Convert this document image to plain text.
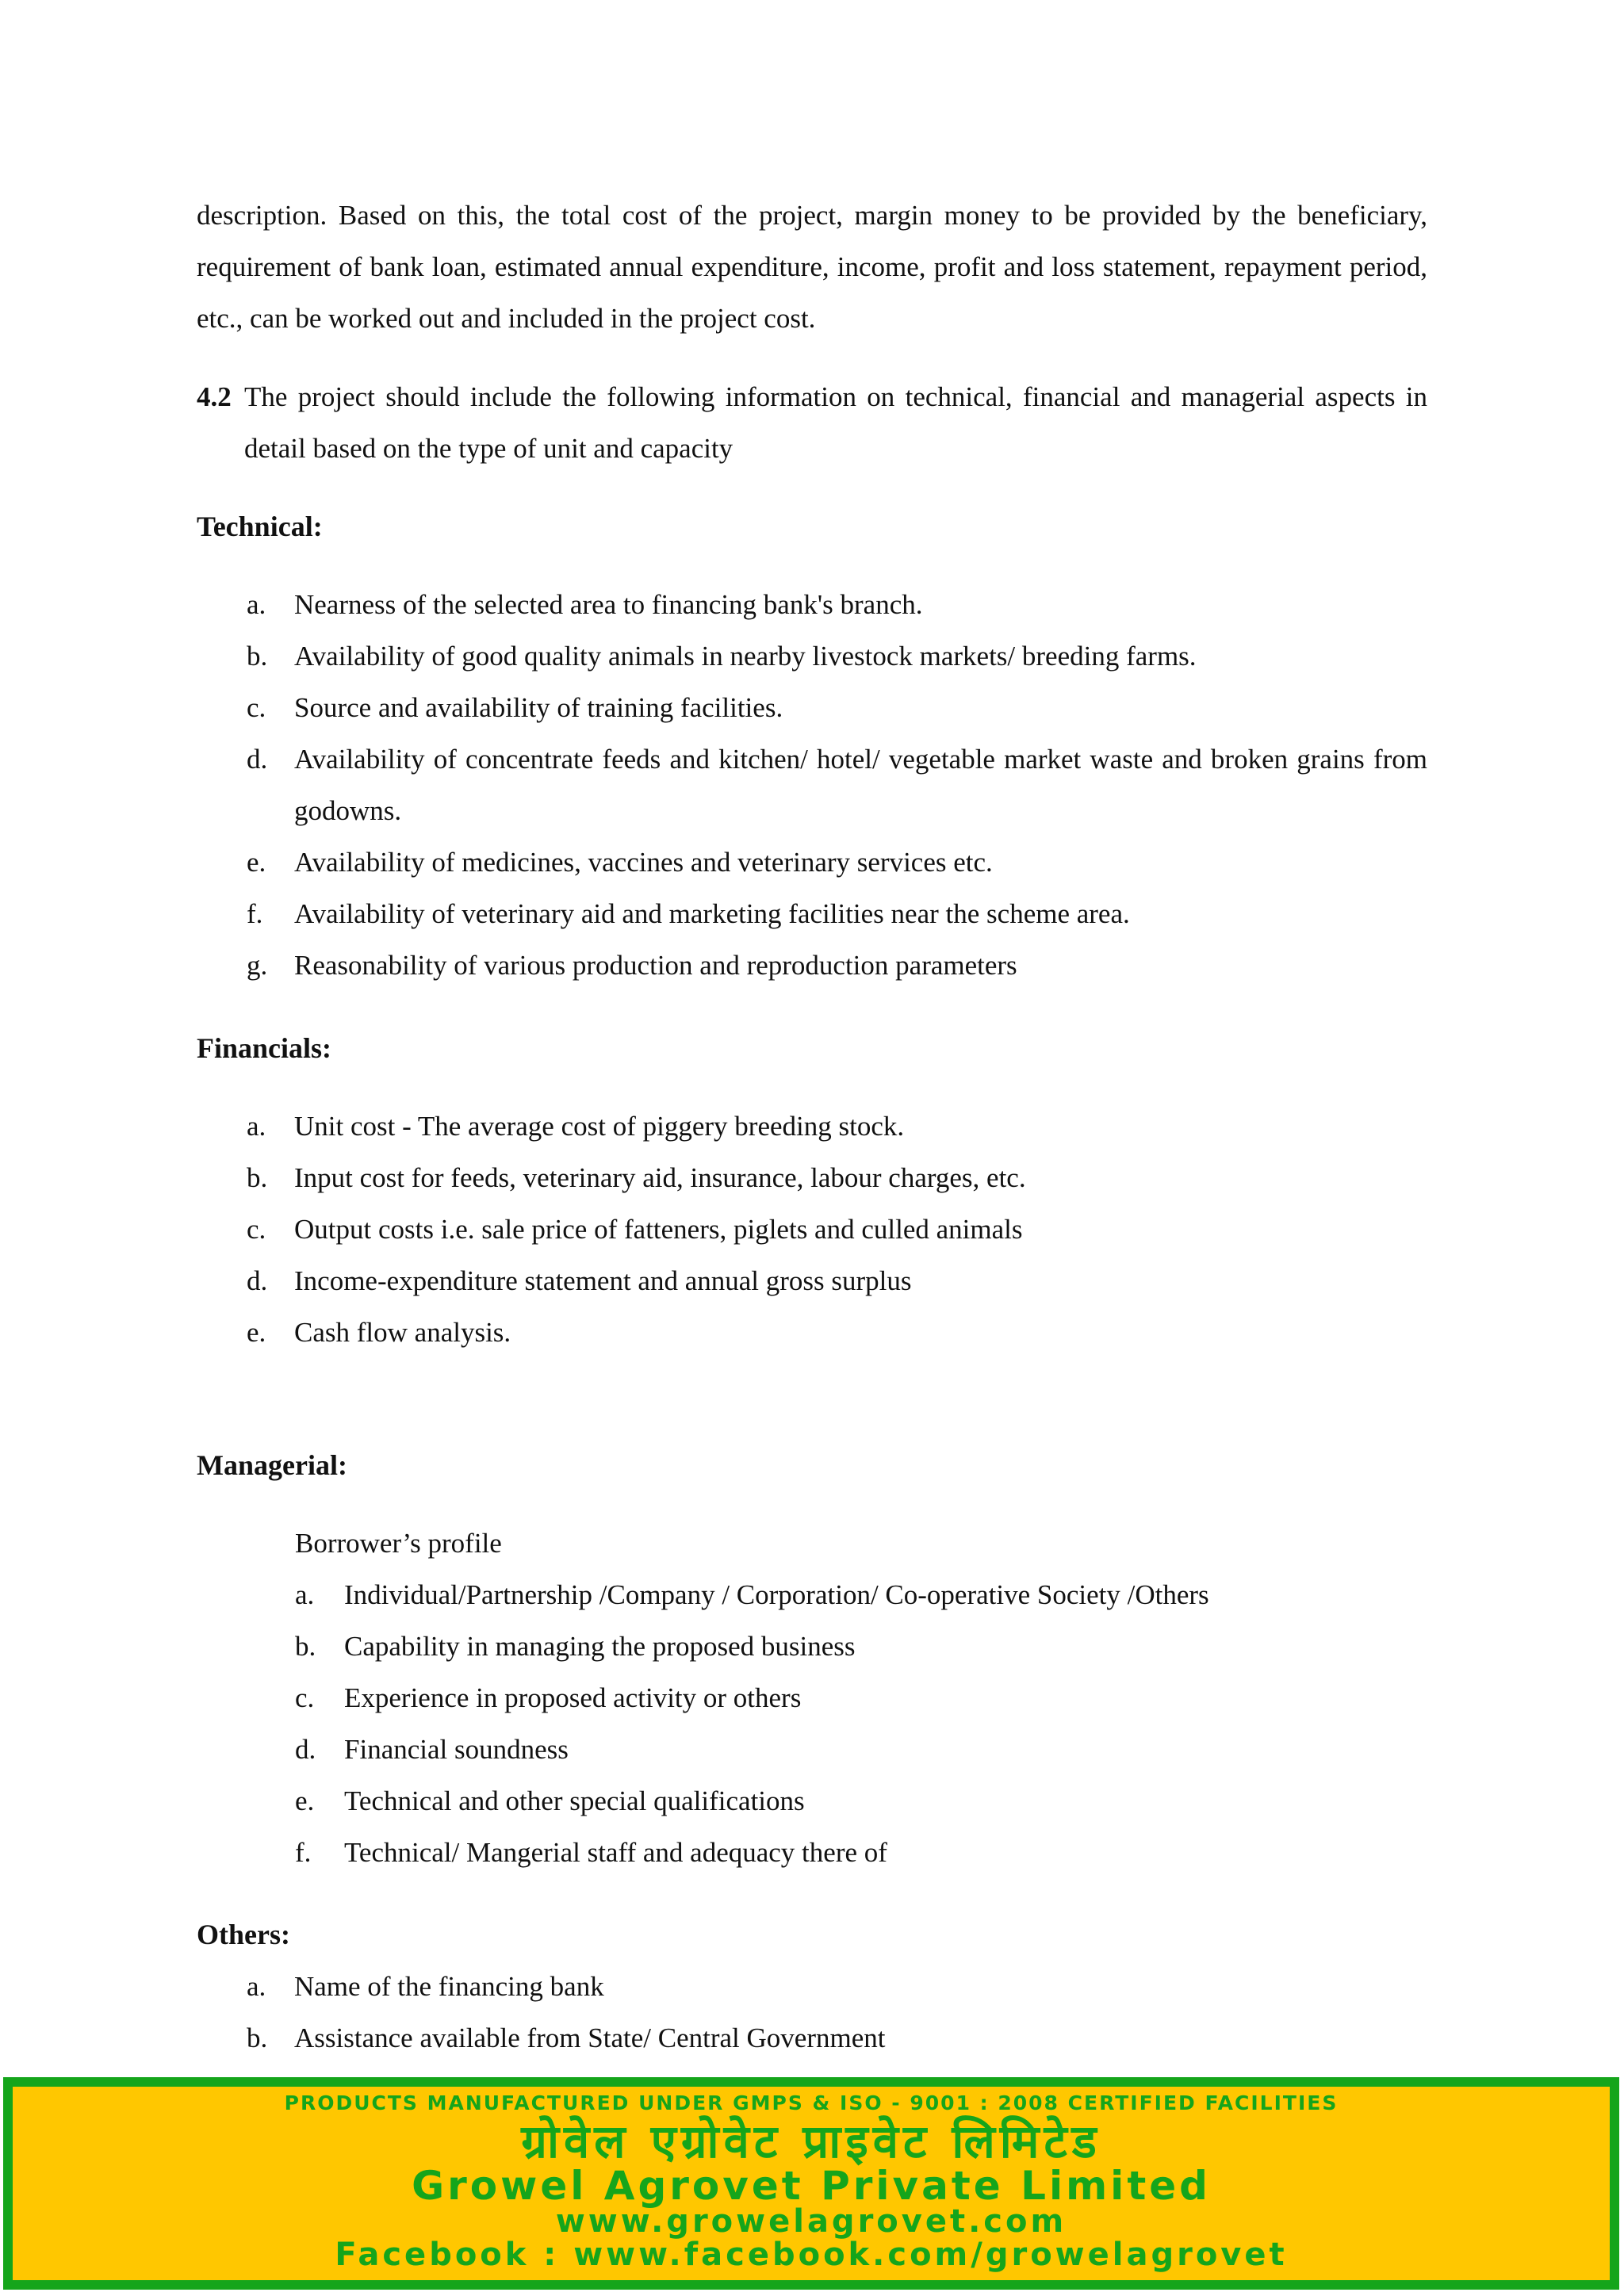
description. Based on this, the total cost of the project, margin money to be provided by the beneficiary, requirement of bank loan, estimated annual expenditure, income, profit and loss statement, repayment period, etc., can be worked out and included in the project cost.

4.2 The project should include the following information on technical, financial and managerial aspects in detail based on the type of unit and capacity
Technical:
a. Nearness of the selected area to financing bank's branch.
b. Availability of good quality animals in nearby livestock markets/ breeding farms.
c. Source and availability of training facilities.
d. Availability of concentrate feeds and kitchen/ hotel/ vegetable market waste and broken grains from godowns.
e. Availability of medicines, vaccines and veterinary services etc.
f. Availability of veterinary aid and marketing facilities near the scheme area.
g. Reasonability of various production and reproduction parameters
Financials:
a. Unit cost - The average cost of piggery breeding stock.
b. Input cost for feeds, veterinary aid, insurance, labour charges, etc.
c. Output costs i.e. sale price of fatteners, piglets and culled animals
d. Income-expenditure statement and annual gross surplus
e. Cash flow analysis.
Managerial:
Borrower’s profile
a. Individual/Partnership /Company / Corporation/ Co-operative Society /Others
b. Capability in managing the proposed business
c. Experience in proposed activity or others
d. Financial soundness
e. Technical and other special qualifications
f. Technical/ Mangerial staff and adequacy there of
Others:
a. Name of the financing bank
b. Assistance available from State/ Central Government
PRODUCTS MANUFACTURED UNDER GMPS & ISO - 9001 : 2008 CERTIFIED FACILITIES
ग्रोवेल एग्रोवेट प्राइवेट लिमिटेड
Growel Agrovet Private Limited
www.growelagrovet.com
Facebook : www.facebook.com/growelagrovet
